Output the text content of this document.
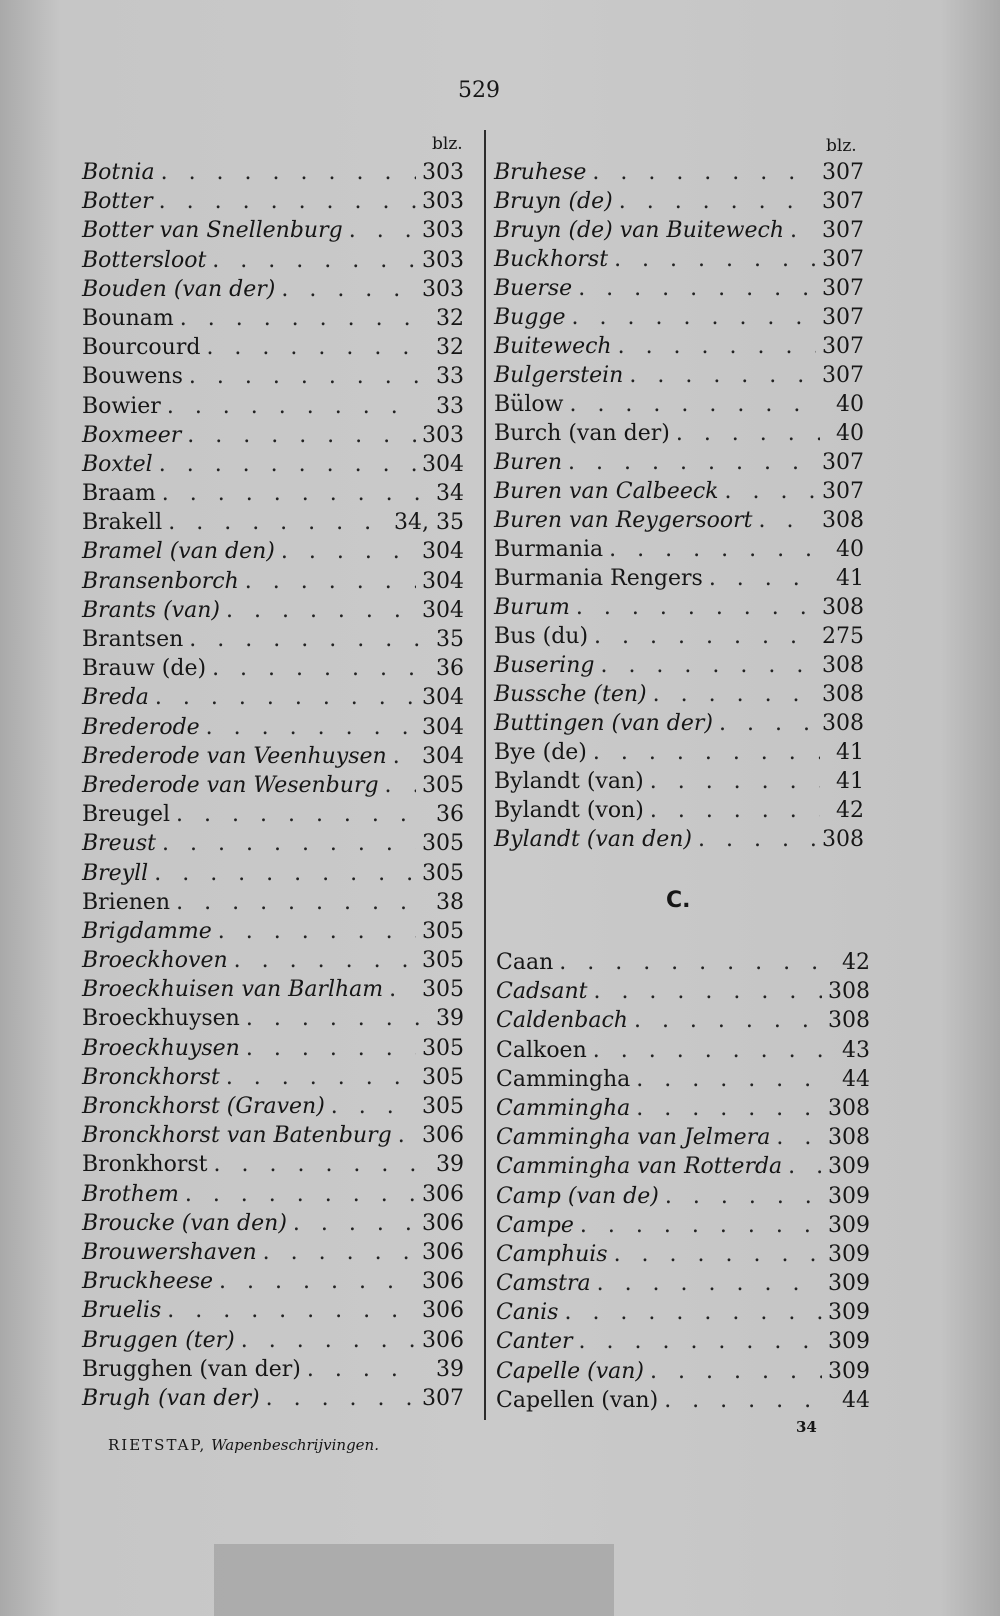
529
blz.	blz.
Botnia . . .	303
Botter . . .	303
Botter van Snellenburg . . .	303
Bottersloot . . .	303
Bouden (van der) . . .	303
Bounam . . .	32
Bourcourd . . .	32
Bouwens . . .	33
Bowier . . .	33
Boxmeer . . .	303
Boxtel . . .	304
Braam . . .	34
Brakell . . .	34, 35
Bramel (van den) . . .	304
Bransenborch . . .	304
Brants (van) . . .	304
Brantsen . . .	35
Brauw (de) . . .	36
Breda . . .	304
Brederode . . .	304
Brederode van Veenhuysen . . . 304
Brederode van Wesenburg . . . 305
Breugel . . .	36
Breust . . .	305
Breyll . . .	305
Brienen . . .	38
Brigdamme . . .	305
Broeckhoven . . .	305
Broeckhuisen van Barlham . . . 305
Broeckhuysen . . .	39
Broeckhuysen . . .	305
Bronckhorst . . .	305
Bronckhorst (Graven) . . .	305
Bronckhorst van Batenburg . . . 306
Bronkhorst . . .	39
Brothem . . .	306
Broucke (van den) . . .	306
Brouwershaven . . .	306
Bruckheese . . .	306
Bruelis . . .	306
Bruggen (ter) . . .	306
Brugghen (van der) . . .	39
Brugh (van der) . . .	307
Bruhese . . .	307
Bruyn (de) . . .	307
Bruyn (de) van Buitewech . . . 307
Buckhorst . . .	307
Buerse . . .	307
Bugge . . .	307
Buitewech . . .	307
Bulgerstein . . .	307
Bülow . . .	40
Burch (van der) . . .	40
Buren . . .	307
Buren van Calbeeck . . .	307
Buren van Reygersoort . . .	308
Burmania . . .	40
Burmania Rengers . . .	41
Burum . . .	308
Bus (du) . . .	275
Busering . . .	308
Bussche (ten) . . .	308
Buttingen (van der) . . .	308
Bye (de) . . .	41
Bylandt (van) . . .	41
Bylandt (von) . . .	42
Bylandt (van den) . . .	308
C.
Caan . . .	42
Cadsant . . .	308
Caldenbach . . .	308
Calkoen . . .	43
Cammingha . . .	44
Cammingha . . .	308
Cammingha van Jelmera . . .	308
Cammingha van Rotterda . . . 309
Camp (van de) . . .	309
Campe . . .	309
Camphuis . . .	309
Camstra . . .	309
Canis . . .	309
Canter . . .	309
Capelle (van) . . .	309
Capellen (van) . . .	44
RIETSTAP, Wapenbeschrijvingen.
34
